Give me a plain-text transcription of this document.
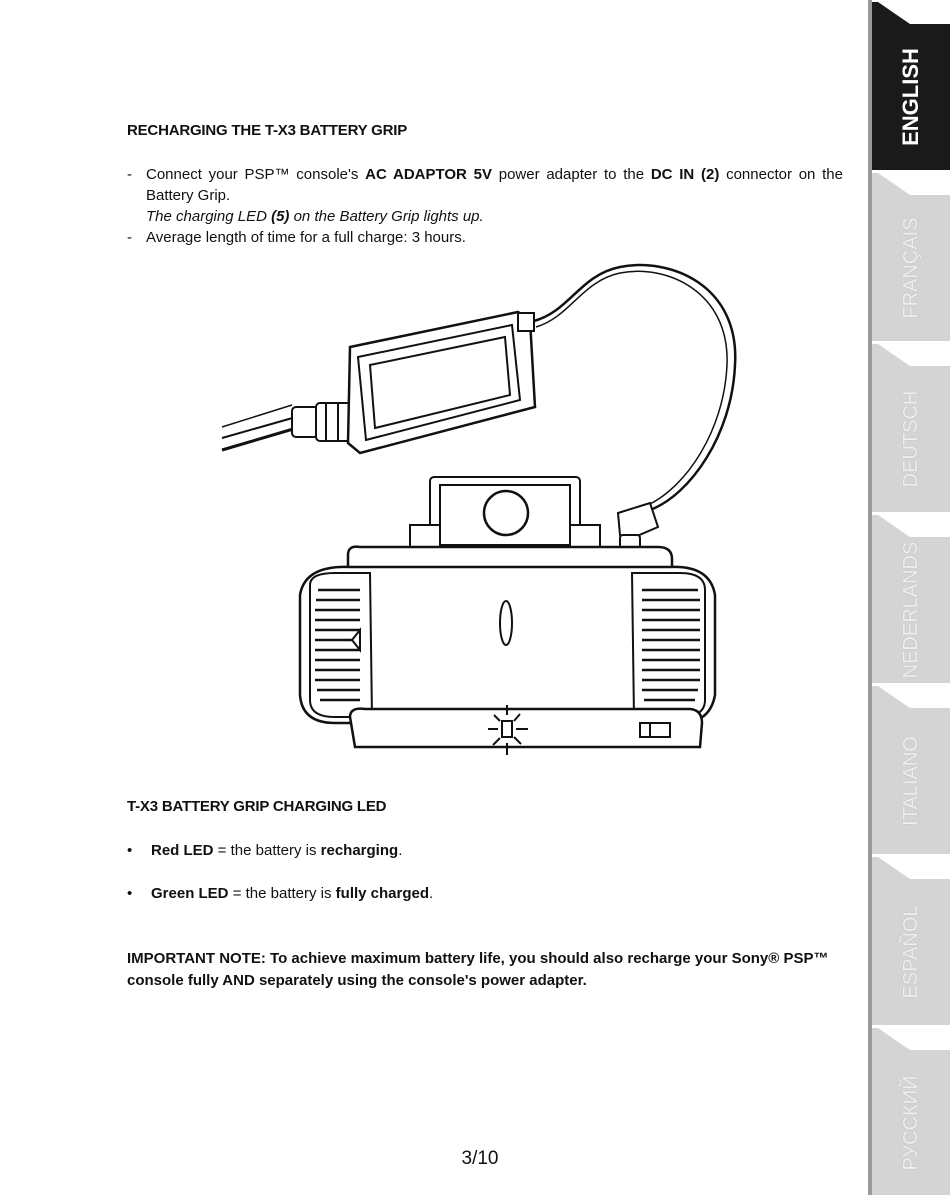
RECHARGING THE T-X3 BATTERY GRIP
- Connect your PSP™ console's AC ADAPTOR 5V power adapter to the DC IN (2) connector on the Battery Grip.
The charging LED (5) on the Battery Grip lights up.
- Average length of time for a full charge: 3 hours.
T-X3 BATTERY GRIP CHARGING LED
• Red LED = the battery is recharging.
• Green LED = the battery is fully charged.
IMPORTANT NOTE: To achieve maximum battery life, you should also recharge your Sony® PSP™ console fully AND separately using the console's power adapter.
3/10
ENGLISH
FRANÇAIS
DEUTSCH
NEDERLANDS
ITALIANO
ESPAÑOL
РУССКИЙ
